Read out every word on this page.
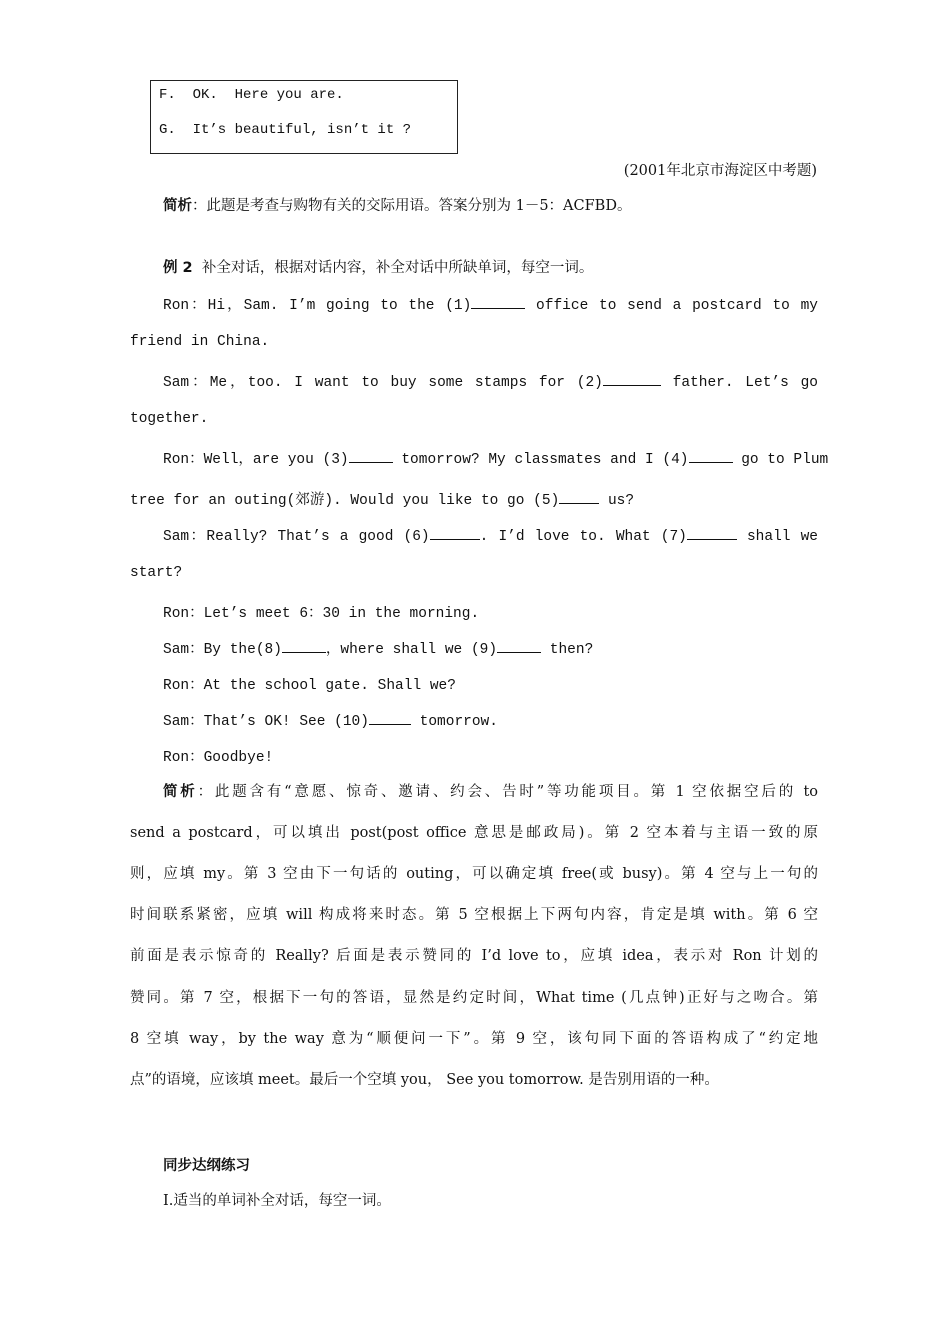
F.  OK.  Here you are.
G.  It’s beautiful, isn’t it ?
(2001年北京市海淀区中考题)
简析：此题是考查与购物有关的交际用语。答案分别为 1－5：ACFBD。
例 2 补全对话，根据对话内容，补全对话中所缺单词，每空一词。
Ron：Hi，Sam. I’m going to the (1)	office to send a postcard to my
friend in China.
Sam：Me，too. I want to buy some stamps for (2)	father. Let’s go
together.
Ron：Well，are you (3)	tomorrow? My classmates and I (4)	go to Plum
tree for an outing(郊游). Would you like to go (5)	us?
Sam：Really? That’s a good (6)	. I’d love to. What (7)	shall we
start?
Ron：Let’s meet 6：30 in the morning.
Sam：By the(8)	，where shall we (9)	then?
Ron：At the school gate. Shall we?
Sam：That’s OK! See (10)	tomorrow.
Ron：Goodbye!
简析：此题含有“意愿、惊奇、邀请、约会、告时”等功能项目。第 1 空依据空后的 to
send a postcard，可以填出 post(post office 意思是邮政局)。第 2 空本着与主语一致的原
则，应填 my。第 3 空由下一句话的 outing，可以确定填 free(或 busy)。第 4 空与上一句的
时间联系紧密，应填 will 构成将来时态。第 5 空根据上下两句内容，肯定是填 with。第 6 空
前面是表示惊奇的 Really? 后面是表示赞同的 I’d love to，应填 idea，表示对 Ron 计划的
赞同。第 7 空，根据下一句的答语，显然是约定时间，What time (几点钟)正好与之吻合。第
8 空填 way，by the way 意为“顺便问一下”。第 9 空，该句同下面的答语构成了“约定地
点”的语境，应该填 meet。最后一个空填 you， See you tomorrow. 是告别用语的一种。
同步达纲练习
Ⅰ.适当的单词补全对话，每空一词。
